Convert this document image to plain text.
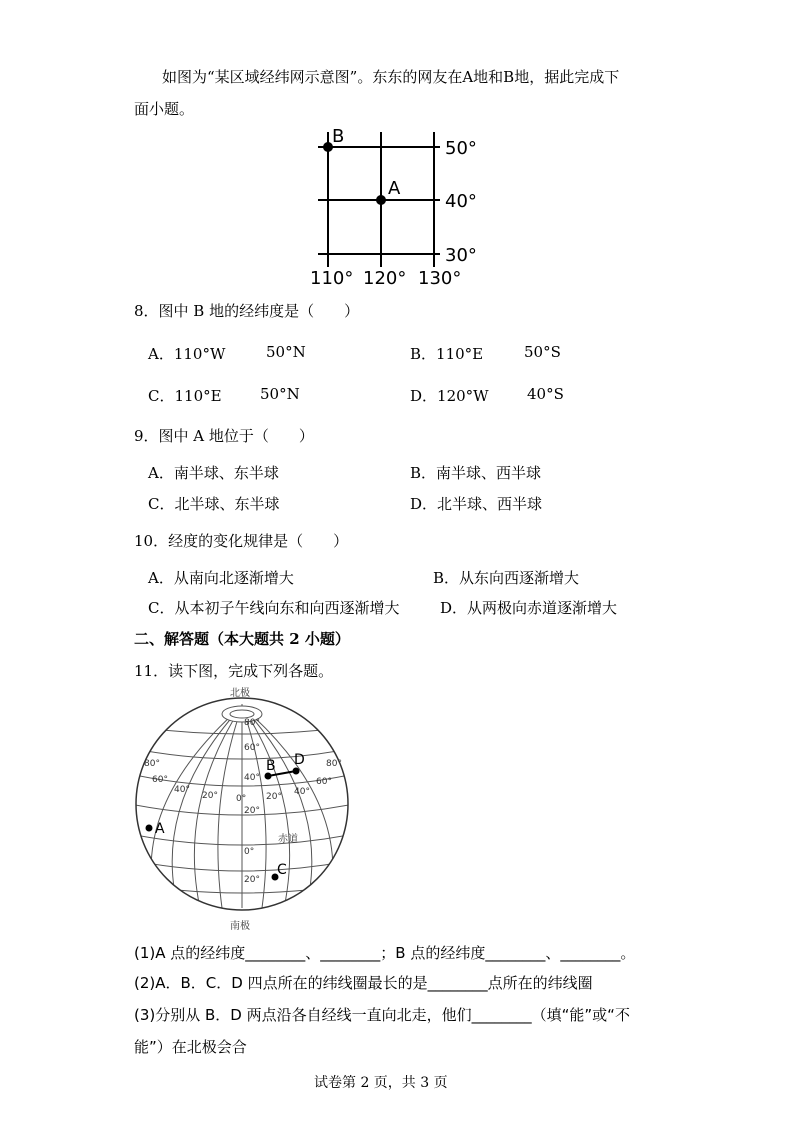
如图为“某区域经纬网示意图”。东东的网友在A地和B地，据此完成下
面小题。
B
A
50°
40°
30°
110° 120° 130°
8．图中 B 地的经纬度是（　　）
A．110°W	50°N	B．110°E	50°S
C．110°E	50°N	D．120°W	40°S
9．图中 A 地位于（　　）
A．南半球、东半球	B．南半球、西半球
C．北半球、东半球	D．北半球、西半球
10．经度的变化规律是（　　）
A．从南向北逐渐增大	B．从东向西逐渐增大
C．从本初子午线向东和向西逐渐增大	D．从两极向赤道逐渐增大
二、解答题（本大题共 2 小题）
11．读下图，完成下列各题。
北极
南极
赤道
A
B
C
D
80°
60°
40°
20°
0°
20°
80°
60°
40°
20° 0° 20° 40°
60°
80°
(1)A 点的经纬度________、________；B 点的经纬度________、________。
(2)A．B．C．D 四点所在的纬线圈最长的是________点所在的纬线圈
(3)分别从 B．D 两点沿各自经线一直向北走，他们________（填“能”或“不
能”）在北极会合
试卷第 2 页，共 3 页
